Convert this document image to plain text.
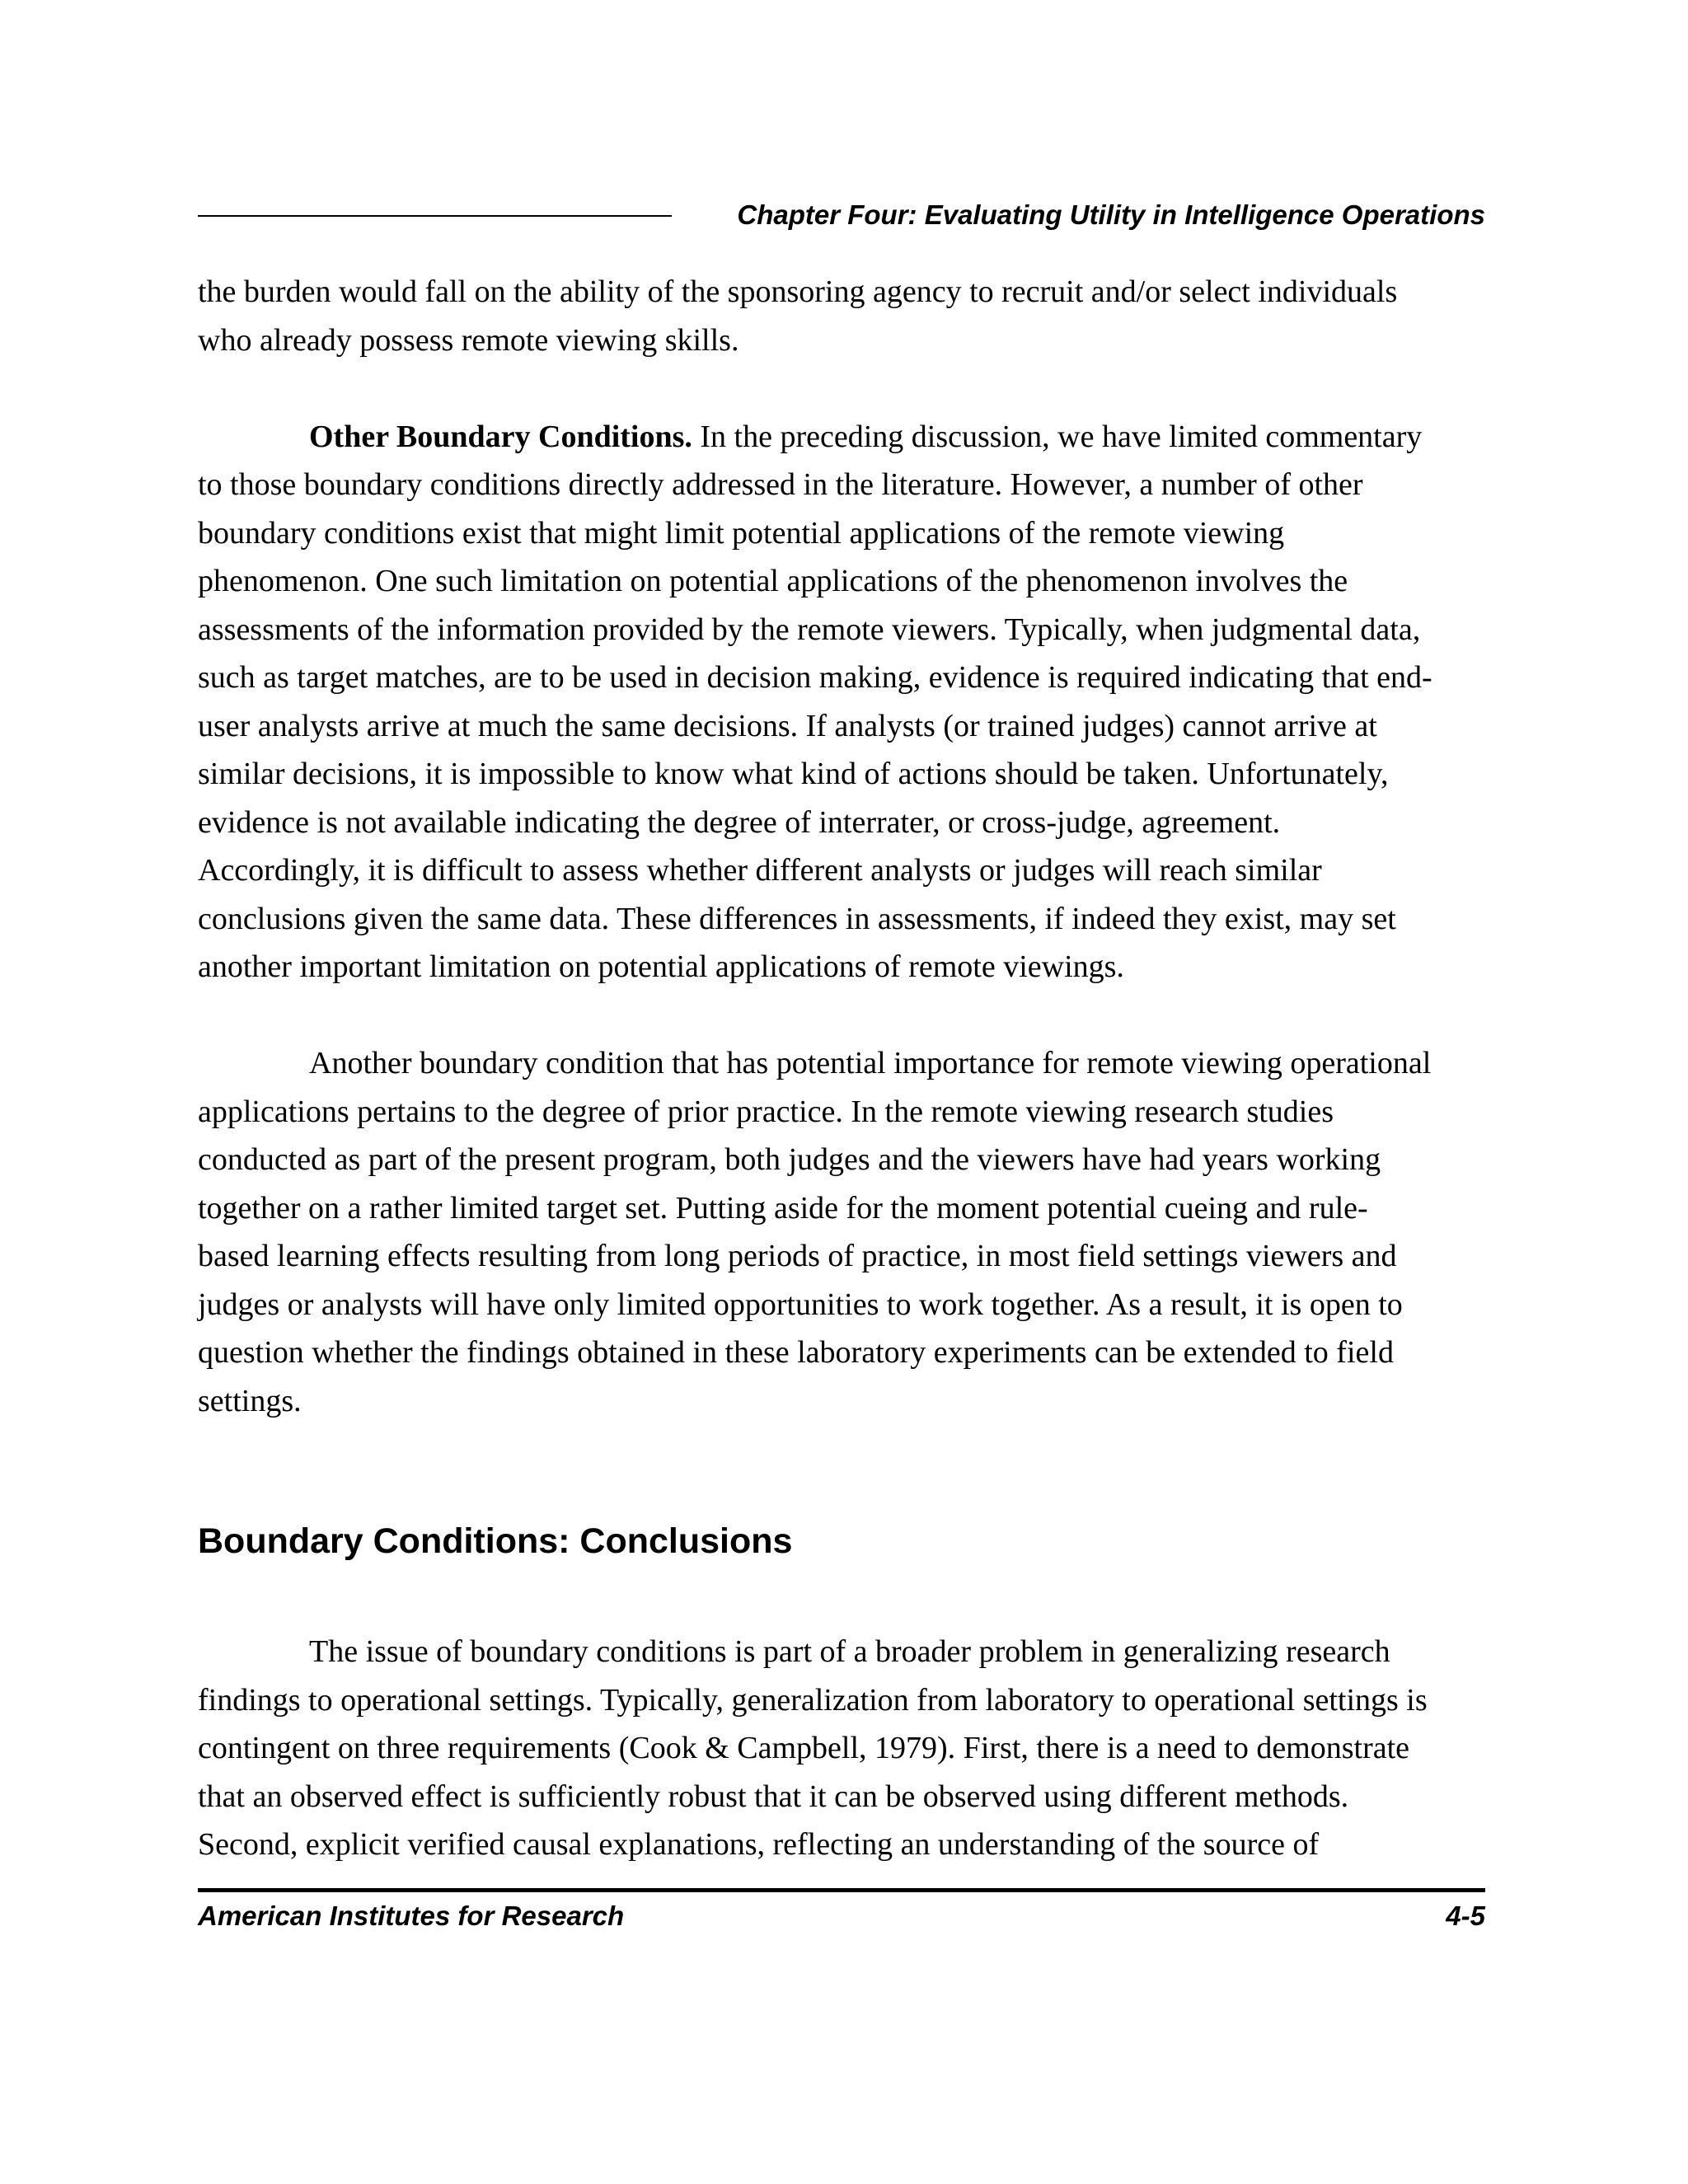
Chapter Four: Evaluating Utility in Intelligence Operations

the burden would fall on the ability of the sponsoring agency to recruit and/or select individuals
who already possess remote viewing skills.

Other Boundary Conditions. In the preceding discussion, we have limited commentary
to those boundary conditions directly addressed in the literature. However, a number of other
boundary conditions exist that might limit potential applications of the remote viewing
phenomenon. One such limitation on potential applications of the phenomenon involves the
assessments of the information provided by the remote viewers. Typically, when judgmental data,
such as target matches, are to be used in decision making, evidence is required indicating that end-
user analysts arrive at much the same decisions. If analysts (or trained judges) cannot arrive at
similar decisions, it is impossible to know what kind of actions should be taken. Unfortunately,
evidence is not available indicating the degree of interrater, or cross-judge, agreement.
Accordingly, it is difficult to assess whether different analysts or judges will reach similar
conclusions given the same data. These differences in assessments, if indeed they exist, may set
another important limitation on potential applications of remote viewings.

Another boundary condition that has potential importance for remote viewing operational
applications pertains to the degree of prior practice. In the remote viewing research studies
conducted as part of the present program, both judges and the viewers have had years working
together on a rather limited target set. Putting aside for the moment potential cueing and rule-
based learning effects resulting from long periods of practice, in most field settings viewers and
judges or analysts will have only limited opportunities to work together. As a result, it is open to
question whether the findings obtained in these laboratory experiments can be extended to field
settings.

Boundary Conditions: Conclusions

The issue of boundary conditions is part of a broader problem in generalizing research
findings to operational settings. Typically, generalization from laboratory to operational settings is
contingent on three requirements (Cook & Campbell, 1979). First, there is a need to demonstrate
that an observed effect is sufficiently robust that it can be observed using different methods.
Second, explicit verified causal explanations, reflecting an understanding of the source of

American Institutes for Research	4-5
